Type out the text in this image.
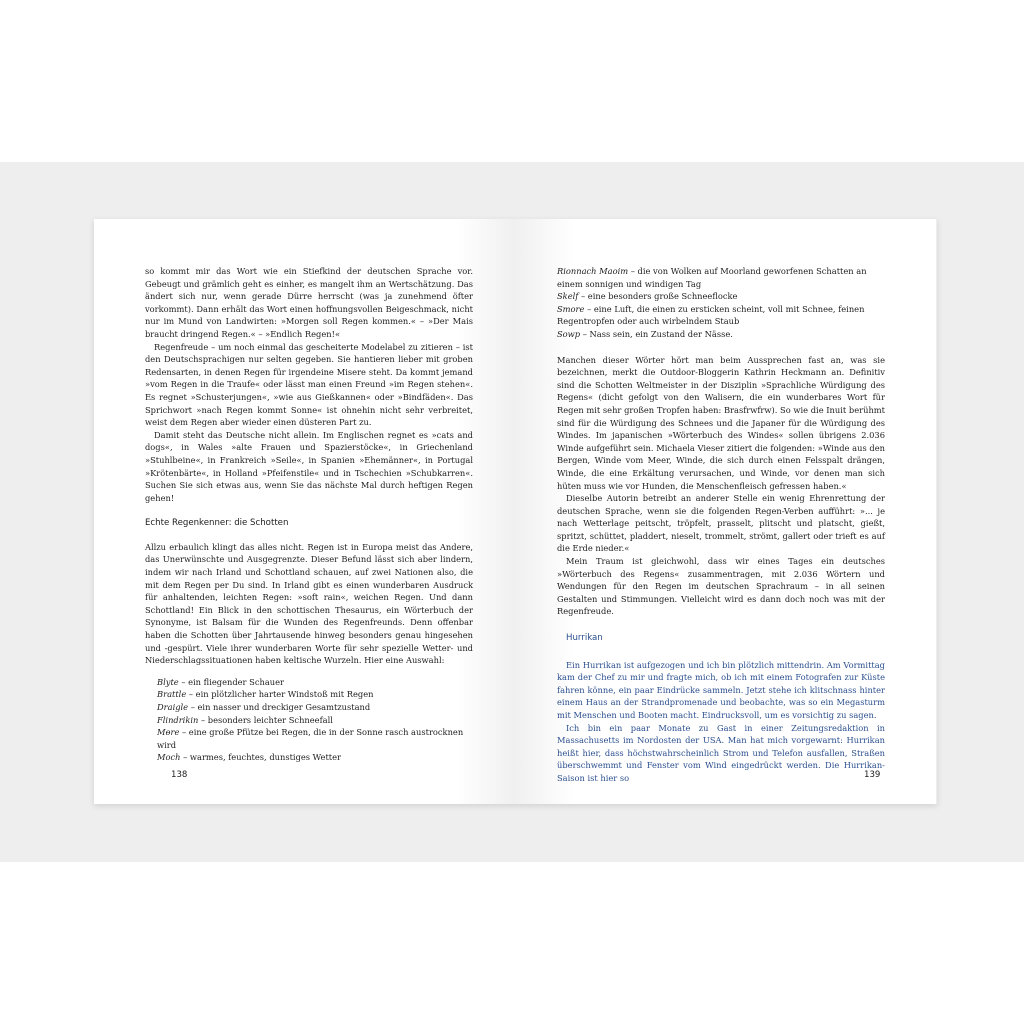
so kommt mir das Wort wie ein Stiefkind der deutschen Sprache vor. Gebeugt und grämlich geht es einher, es mangelt ihm an Wertschätzung. Das ändert sich nur, wenn gerade Dürre herrscht (was ja zunehmend öfter vorkommt). Dann erhält das Wort einen hoffnungsvollen Beigeschmack, nicht nur im Mund von Landwirten: »Morgen soll Regen kommen.« – »Der Mais braucht dringend Regen.« – »Endlich Regen!«

Regenfreude – um noch einmal das gescheiterte Modelabel zu zitieren – ist den Deutschsprachigen nur selten gegeben. Sie hantieren lieber mit groben Redensarten, in denen Regen für irgendeine Misere steht. Da kommt jemand »vom Regen in die Traufe« oder lässt man einen Freund »im Regen stehen«. Es regnet »Schusterjungen«, »wie aus Gießkannen« oder »Bindfäden«. Das Sprichwort »nach Regen kommt Sonne« ist ohnehin nicht sehr verbreitet, weist dem Regen aber wieder einen düsteren Part zu.

Damit steht das Deutsche nicht allein. Im Englischen regnet es »cats and dogs«, in Wales »alte Frauen und Spazierstöcke«, in Griechenland »Stuhlbeine«, in Frankreich »Seile«, in Spanien »Ehemänner«, in Portugal »Krötenbärte«, in Holland »Pfeifenstile« und in Tschechien »Schubkarren«. Suchen Sie sich etwas aus, wenn Sie das nächste Mal durch heftigen Regen gehen!

Echte Regenkenner: die Schotten

Allzu erbaulich klingt das alles nicht. Regen ist in Europa meist das Andere, das Unerwünschte und Ausgegrenzte. Dieser Befund lässt sich aber lindern, indem wir nach Irland und Schottland schauen, auf zwei Nationen also, die mit dem Regen per Du sind. In Irland gibt es einen wunderbaren Ausdruck für anhaltenden, leichten Regen: »soft rain«, weichen Regen. Und dann Schottland! Ein Blick in den schottischen Thesaurus, ein Wörterbuch der Synonyme, ist Balsam für die Wunden des Regenfreunds. Denn offenbar haben die Schotten über Jahrtausende hinweg besonders genau hingesehen und -gespürt. Viele ihrer wunderbaren Worte für sehr spezielle Wetter- und Niederschlagssituationen haben keltische Wurzeln. Hier eine Auswahl:

Blyte – ein fliegender Schauer
Brattle – ein plötzlicher harter Windstoß mit Regen
Draigle – ein nasser und dreckiger Gesamtzustand
Flindrikin – besonders leichter Schneefall
Mөre – eine große Pfütze bei Regen, die in der Sonne rasch austrocknen wird
Moch – warmes, feuchtes, dunstiges Wetter
138
Rionnach Maoim – die von Wolken auf Moorland geworfenen Schatten an einem sonnigen und windigen Tag
Skelf – eine besonders große Schneeflocke
Smore – eine Luft, die einen zu ersticken scheint, voll mit Schnee, feinen Regentropfen oder auch wirbelndem Staub
Sowp – Nass sein, ein Zustand der Nässe.

Manchen dieser Wörter hört man beim Aussprechen fast an, was sie bezeichnen, merkt die Outdoor-Bloggerin Kathrin Heckmann an. Definitiv sind die Schotten Weltmeister in der Disziplin »Sprachliche Würdigung des Regens« (dicht gefolgt von den Walisern, die ein wunderbares Wort für Regen mit sehr großen Tropfen haben: Brasfrwfrw). So wie die Inuit berühmt sind für die Würdigung des Schnees und die Japaner für die Würdigung des Windes. Im japanischen »Wörterbuch des Windes« sollen übrigens 2.036 Winde aufgeführt sein. Michaela Vieser zitiert die folgenden: »Winde aus den Bergen, Winde vom Meer, Winde, die sich durch einen Felsspalt drängen, Winde, die eine Erkältung verursachen, und Winde, vor denen man sich hüten muss wie vor Hunden, die Menschenfleisch gefressen haben.«

Dieselbe Autorin betreibt an anderer Stelle ein wenig Ehrenrettung der deutschen Sprache, wenn sie die folgenden Regen-Verben aufführt: »... je nach Wetterlage peitscht, tröpfelt, prasselt, plitscht und platscht, gießt, spritzt, schüttet, pladdert, nieselt, trommelt, strömt, gallert oder trieft es auf die Erde nieder.«

Mein Traum ist gleichwohl, dass wir eines Tages ein deutsches »Wörterbuch des Regens« zusammentragen, mit 2.036 Wörtern und Wendungen für den Regen im deutschen Sprachraum – in all seinen Gestalten und Stimmungen. Vielleicht wird es dann doch noch was mit der Regenfreude.

Hurrikan

Ein Hurrikan ist aufgezogen und ich bin plötzlich mittendrin. Am Vormittag kam der Chef zu mir und fragte mich, ob ich mit einem Fotografen zur Küste fahren könne, ein paar Eindrücke sammeln. Jetzt stehe ich klitschnass hinter einem Haus an der Strandpromenade und beobachte, was so ein Megasturm mit Menschen und Booten macht. Eindrucksvoll, um es vorsichtig zu sagen.

Ich bin ein paar Monate zu Gast in einer Zeitungsredaktion in Massachusetts im Nordosten der USA. Man hat mich vorgewarnt: Hurrikan heißt hier, dass höchstwahrscheinlich Strom und Telefon ausfallen, Straßen überschwemmt und Fenster vom Wind eingedrückt werden. Die Hurrikan-Saison ist hier so	139
